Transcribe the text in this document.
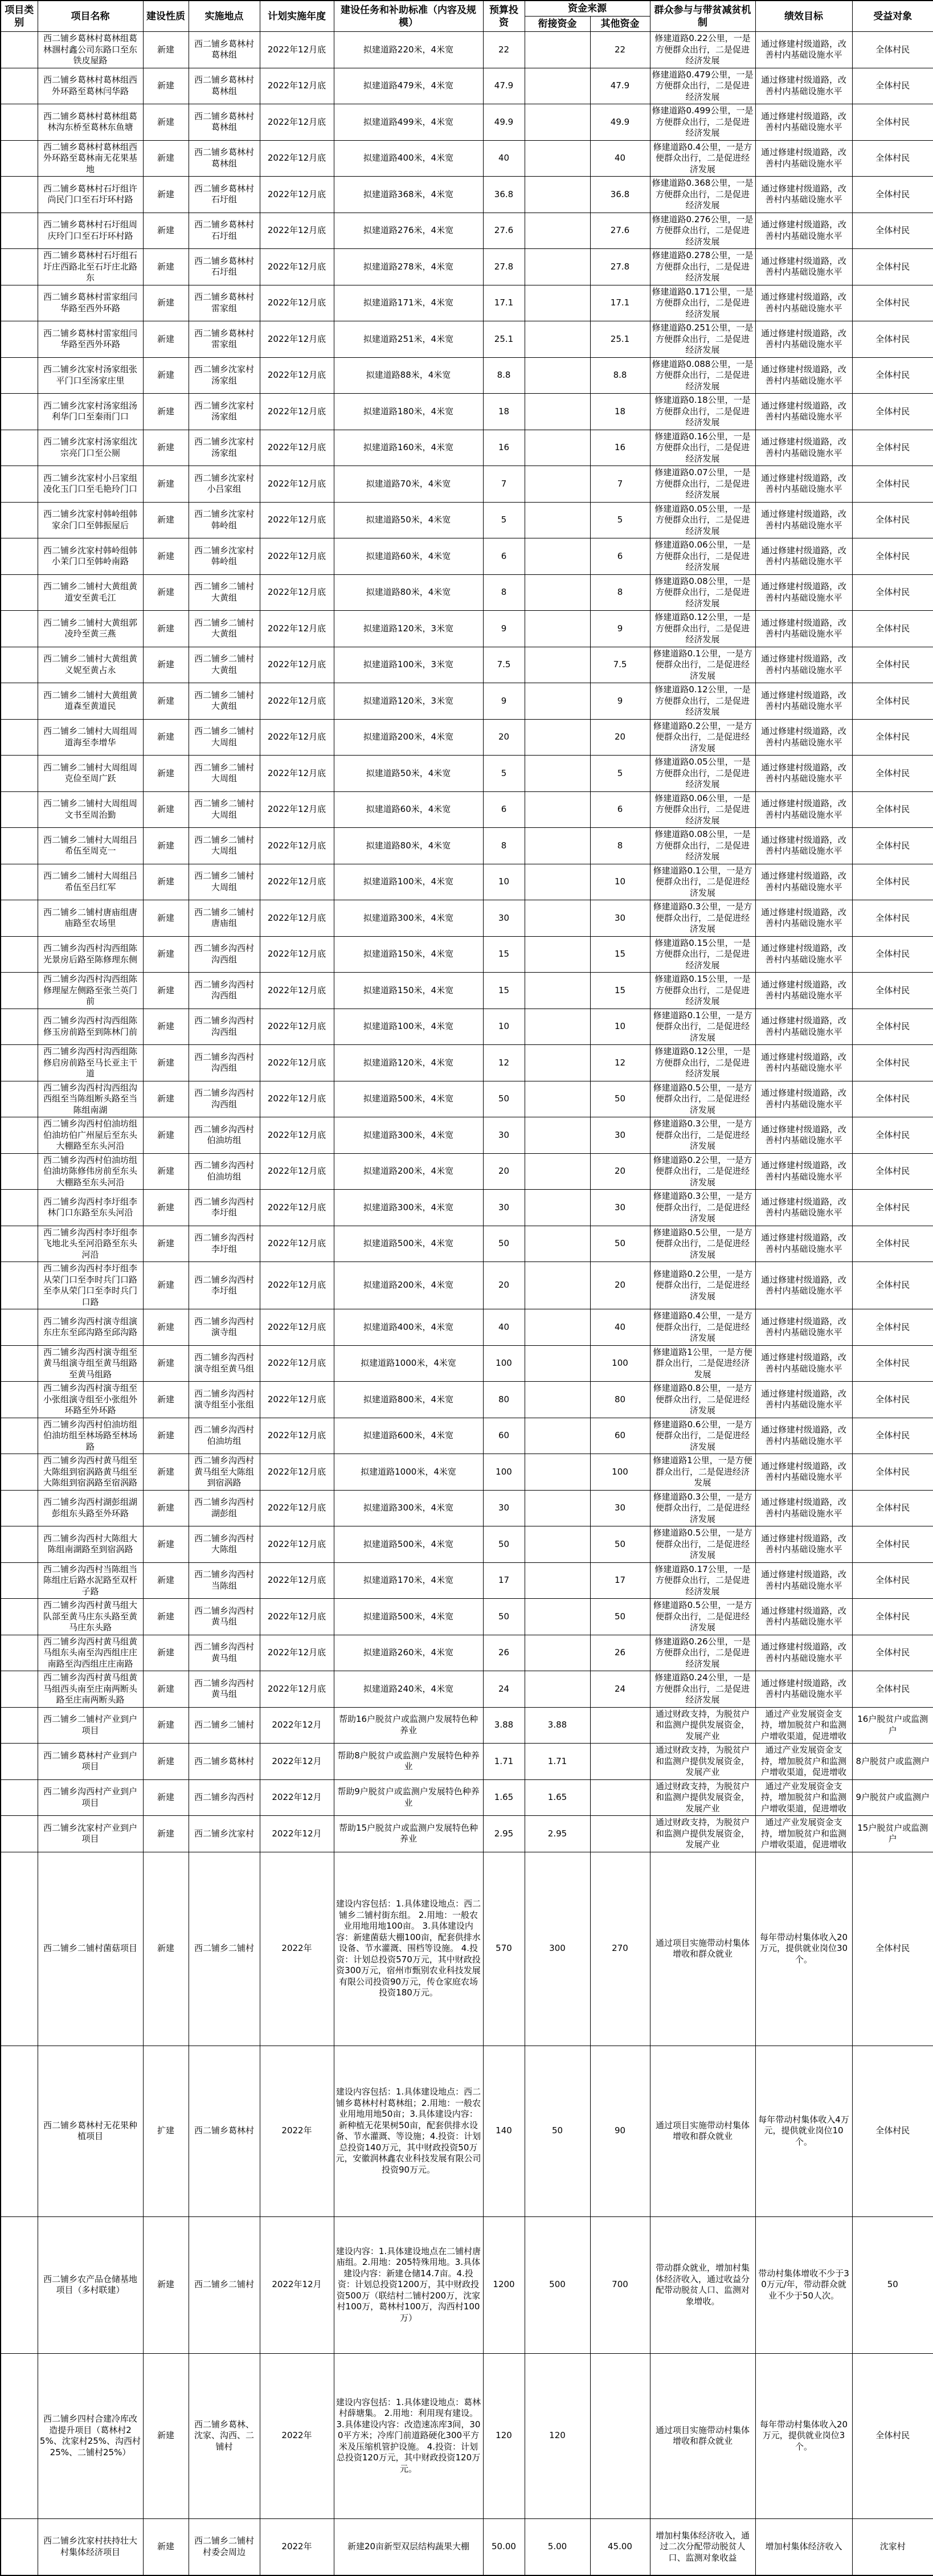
项目类别	项目名称	建设性质	实施地点	计划实施年度	建设任务和补助标准（内容及规模）	预算投资	资金来源		群众参与与带贫减贫机制	绩效目标	受益对象
							衔接资金	其他资金			
	西二铺乡葛林村葛林组葛林涠村鑫公司东路口至东铁皮屋路	新建	西二铺乡葛林村葛林组	2022年12月底	拟建道路220米，4米宽	22		22	修建道路0.22公里，一是方便群众出行，二是促进经济发展	通过修建村级道路，改善村内基础设施水平	全体村民
	西二铺乡葛林村葛林组西外环路至葛林闫华路	新建	西二铺乡葛林村葛林组	2022年12月底	拟建道路479米，4米宽	47.9		47.9	修建道路0.479公里，一是方便群众出行，二是促进经济发展	通过修建村级道路，改善村内基础设施水平	全体村民
	西二铺乡葛林村葛林组葛林沟东桥至葛林东鱼塘	新建	西二铺乡葛林村葛林组	2022年12月底	拟建道路499米，4米宽	49.9		49.9	修建道路0.499公里，一是方便群众出行，二是促进经济发展	通过修建村级道路，改善村内基础设施水平	全体村民
	西二铺乡葛林村葛林组西外环路至葛林南无花果基地	新建	西二铺乡葛林村葛林组	2022年12月底	拟建道路400米，4米宽	40		40	修建道路0.4公里，一是方便群众出行，二是促进经济发展	通过修建村级道路，改善村内基础设施水平	全体村民
	西二铺乡葛林村石圩组许尚民门口至石圩环村路	新建	西二铺乡葛林村石圩组	2022年12月底	拟建道路368米，4米宽	36.8		36.8	修建道路0.368公里，一是方便群众出行，二是促进经济发展	通过修建村级道路，改善村内基础设施水平	全体村民
	西二铺乡葛林村石圩组周庆玲门口至石圩环村路	新建	西二铺乡葛林村石圩组	2022年12月底	拟建道路276米，4米宽	27.6		27.6	修建道路0.276公里，一是方便群众出行，二是促进经济发展	通过修建村级道路，改善村内基础设施水平	全体村民
	西二铺乡葛林村石圩组石圩庄西路北至石圩庄北路东	新建	西二铺乡葛林村石圩组	2022年12月底	拟建道路278米，4米宽	27.8		27.8	修建道路0.278公里，一是方便群众出行，二是促进经济发展	通过修建村级道路，改善村内基础设施水平	全体村民
	西二铺乡葛林村雷家组闫华路至西外环路	新建	西二铺乡葛林村雷家组	2022年12月底	拟建道路171米，4米宽	17.1		17.1	修建道路0.171公里，一是方便群众出行，二是促进经济发展	通过修建村级道路，改善村内基础设施水平	全体村民
	西二铺乡葛林村雷家组闫华路至西外环路	新建	西二铺乡葛林村雷家组	2022年12月底	拟建道路251米，4米宽	25.1		25.1	修建道路0.251公里，一是方便群众出行，二是促进经济发展	通过修建村级道路，改善村内基础设施水平	全体村民
	西二铺乡沈家村汤家组张平门口至汤家庄里	新建	西二铺乡沈家村汤家组	2022年12月底	拟建道路88米，4米宽	8.8		8.8	修建道路0.088公里，一是方便群众出行，二是促进经济发展	通过修建村级道路，改善村内基础设施水平	全体村民
	西二铺乡沈家村汤家组汤利华门口至秦雨门口	新建	西二铺乡沈家村汤家组	2022年12月底	拟建道路180米，4米宽	18		18	修建道路0.18公里，一是方便群众出行，二是促进经济发展	通过修建村级道路，改善村内基础设施水平	全体村民
	西二铺乡沈家村汤家组沈宗亮门口至公厕	新建	西二铺乡沈家村汤家组	2022年12月底	拟建道路160米，4米宽	16		16	修建道路0.16公里，一是方便群众出行，二是促进经济发展	通过修建村级道路，改善村内基础设施水平	全体村民
	西二铺乡沈家村小吕家组凌化玉门口至毛艳玲门口	新建	西二铺乡沈家村小吕家组	2022年12月底	拟建道路70米，4米宽	7		7	修建道路0.07公里，一是方便群众出行，二是促进经济发展	通过修建村级道路，改善村内基础设施水平	全体村民
	西二铺乡沈家村韩岭组韩家余门口至韩振屋后	新建	西二铺乡沈家村韩岭组	2022年12月底	拟建道路50米，4米宽	5		5	修建道路0.05公里，一是方便群众出行，二是促进经济发展	通过修建村级道路，改善村内基础设施水平	全体村民
	西二铺乡沈家村韩岭组韩小茉门口至韩岭南路	新建	西二铺乡沈家村韩岭组	2022年12月底	拟建道路60米，4米宽	6		6	修建道路0.06公里，一是方便群众出行，二是促进经济发展	通过修建村级道路，改善村内基础设施水平	全体村民
	西二铺乡二铺村大黄组黄道安至黄毛江	新建	西二铺乡二铺村大黄组	2022年12月底	拟建道路80米，4米宽	8		8	修建道路0.08公里，一是方便群众出行，二是促进经济发展	通过修建村级道路，改善村内基础设施水平	全体村民
	西二铺乡二铺村大黄组郭凌玲至黄三燕	新建	西二铺乡二铺村大黄组	2022年12月底	拟建道路120米，3米宽	9		9	修建道路0.12公里，一是方便群众出行，二是促进经济发展	通过修建村级道路，改善村内基础设施水平	全体村民
	西二铺乡二铺村大黄组黄义妮至黄占永	新建	西二铺乡二铺村大黄组	2022年12月底	拟建道路100米，3米宽	7.5		7.5	修建道路0.1公里，一是方便群众出行，二是促进经济发展	通过修建村级道路，改善村内基础设施水平	全体村民
	西二铺乡二铺村大黄组黄道森至黄道民	新建	西二铺乡二铺村大黄组	2022年12月底	拟建道路120米，3米宽	9		9	修建道路0.12公里，一是方便群众出行，二是促进经济发展	通过修建村级道路，改善村内基础设施水平	全体村民
	西二铺乡二铺村大周组周道海至李增华	新建	西二铺乡二铺村大周组	2022年12月底	拟建道路200米，4米宽	20		20	修建道路0.2公里，一是方便群众出行，二是促进经济发展	通过修建村级道路，改善村内基础设施水平	全体村民
	西二铺乡二铺村大周组周克俭至周广跃	新建	西二铺乡二铺村大周组	2022年12月底	拟建道路50米，4米宽	5		5	修建道路0.05公里，一是方便群众出行，二是促进经济发展	通过修建村级道路，改善村内基础设施水平	全体村民
	西二铺乡二铺村大周组周文书至周治勤	新建	西二铺乡二铺村大周组	2022年12月底	拟建道路60米，4米宽	6		6	修建道路0.06公里，一是方便群众出行，二是促进经济发展	通过修建村级道路，改善村内基础设施水平	全体村民
	西二铺乡二铺村大周组吕希伍至周克一	新建	西二铺乡二铺村大周组	2022年12月底	拟建道路80米，4米宽	8		8	修建道路0.08公里，一是方便群众出行，二是促进经济发展	通过修建村级道路，改善村内基础设施水平	全体村民
	西二铺乡二铺村大周组吕希伍至吕红军	新建	西二铺乡二铺村大周组	2022年12月底	拟建道路100米，4米宽	10		10	修建道路0.1公里，一是方便群众出行，二是促进经济发展	通过修建村级道路，改善村内基础设施水平	全体村民
	西二铺乡二铺村唐庙组唐庙路至农场里	新建	西二铺乡二铺村唐庙组	2022年12月底	拟建道路300米，4米宽	30		30	修建道路0.3公里，一是方便群众出行，二是促进经济发展	通过修建村级道路，改善村内基础设施水平	全体村民
	西二铺乡沟西村沟西组陈光景房后路至陈修理东侧	新建	西二铺乡沟西村沟西组	2022年12月底	拟建道路150米，4米宽	15		15	修建道路0.15公里，一是方便群众出行，二是促进经济发展	通过修建村级道路，改善村内基础设施水平	全体村民
	西二铺乡沟西村沟西组陈修理屋左侧路至张兰英门前	新建	西二铺乡沟西村沟西组	2022年12月底	拟建道路150米，4米宽	15		15	修建道路0.15公里，一是方便群众出行，二是促进经济发展	通过修建村级道路，改善村内基础设施水平	全体村民
	西二铺乡沟西村沟西组陈修玉房前路至到陈林门前	新建	西二铺乡沟西村沟西组	2022年12月底	拟建道路100米，4米宽	10		10	修建道路0.1公里，一是方便群众出行，二是促进经济发展	通过修建村级道路，改善村内基础设施水平	全体村民
	西二铺乡沟西村沟西组陈修启房前路至马长亚主干道	新建	西二铺乡沟西村沟西组	2022年12月底	拟建道路120米，4米宽	12		12	修建道路0.12公里，一是方便群众出行，二是促进经济发展	通过修建村级道路，改善村内基础设施水平	全体村民
	西二铺乡沟西村沟西组沟西组至当陈组断头路至当陈组南湖	新建	西二铺乡沟西村沟西组	2022年12月底	拟建道路500米，4米宽	50		50	修建道路0.5公里，一是方便群众出行，二是促进经济发展	通过修建村级道路，改善村内基础设施水平	全体村民
	西二铺乡沟西村伯油坊组伯油坊伯广州屋后至东头大棚路至东头河沿	新建	西二铺乡沟西村伯油坊组	2022年12月底	拟建道路300米，4米宽	30		30	修建道路0.3公里，一是方便群众出行，二是促进经济发展	通过修建村级道路，改善村内基础设施水平	全体村民
	西二铺乡沟西村伯油坊组伯油坊陈修伟房前至东头大棚路至东头河沿	新建	西二铺乡沟西村伯油坊组	2022年12月底	拟建道路200米，4米宽	20		20	修建道路0.2公里，一是方便群众出行，二是促进经济发展	通过修建村级道路，改善村内基础设施水平	全体村民
	西二铺乡沟西村李圩组李林门口东路至东头河沿	新建	西二铺乡沟西村李圩组	2022年12月底	拟建道路300米，4米宽	30		30	修建道路0.3公里，一是方便群众出行，二是促进经济发展	通过修建村级道路，改善村内基础设施水平	全体村民
	西二铺乡沟西村李圩组李飞地北头至河沿路至东头河沿	新建	西二铺乡沟西村李圩组	2022年12月底	拟建道路500米，4米宽	50		50	修建道路0.5公里，一是方便群众出行，二是促进经济发展	通过修建村级道路，改善村内基础设施水平	全体村民
	西二铺乡沟西村李圩组李从荣门口至李时兵门口路至李从荣门口至李时兵门口路	新建	西二铺乡沟西村李圩组	2022年12月底	拟建道路200米，4米宽	20		20	修建道路0.2公里，一是方便群众出行，二是促进经济发展	通过修建村级道路，改善村内基础设施水平	全体村民
	西二铺乡沟西村演寺组演东庄东至邱沟路至邱沟路	新建	西二铺乡沟西村演寺组	2022年12月底	拟建道路400米，4米宽	40		40	修建道路0.4公里，一是方便群众出行，二是促进经济发展	通过修建村级道路，改善村内基础设施水平	全体村民
	西二铺乡沟西村演寺组至黄马组演寺组至黄马组路至黄马组路	新建	西二铺乡沟西村演寺组至黄马组	2022年12月底	拟建道路1000米，4米宽	100		100	修建道路1公里，一是方便群众出行，二是促进经济发展	通过修建村级道路，改善村内基础设施水平	全体村民
	西二铺乡沟西村演寺组至小张组演寺组至小张组外环路至外环路	新建	西二铺乡沟西村演寺组至小张组	2022年12月底	拟建道路800米，4米宽	80		80	修建道路0.8公里，一是方便群众出行，二是促进经济发展	通过修建村级道路，改善村内基础设施水平	全体村民
	西二铺乡沟西村伯油坊组伯油坊组至林场路至林场路	新建	西二铺乡沟西村伯油坊组	2022年12月底	拟建道路600米，4米宽	60		60	修建道路0.6公里，一是方便群众出行，二是促进经济发展	通过修建村级道路，改善村内基础设施水平	全体村民
	西二铺乡沟西村黄马组至大陈组到宿涡路黄马组至大陈组到宿涡路至宿涡路	新建	西二铺乡沟西村黄马组至大陈组到宿涡路	2022年12月底	拟建道路1000米，4米宽	100		100	修建道路1公里，一是方便群众出行，二是促进经济发展	通过修建村级道路，改善村内基础设施水平	全体村民
	西二铺乡沟西村湖彭组湖彭组东头路至外环路	新建	西二铺乡沟西村湖彭组	2022年12月底	拟建道路300米，4米宽	30		30	修建道路0.3公里，一是方便群众出行，二是促进经济发展	通过修建村级道路，改善村内基础设施水平	全体村民
	西二铺乡沟西村大陈组大陈组南湖路至到宿涡路	新建	西二铺乡沟西村大陈组	2022年12月底	拟建道路500米，4米宽	50		50	修建道路0.5公里，一是方便群众出行，二是促进经济发展	通过修建村级道路，改善村内基础设施水平	全体村民
	西二铺乡沟西村当陈组当陈组庄后路水泥路至双杆子路	新建	西二铺乡沟西村当陈组	2022年12月底	拟建道路170米，4米宽	17		17	修建道路0.17公里，一是方便群众出行，二是促进经济发展	通过修建村级道路，改善村内基础设施水平	全体村民
	西二铺乡沟西村黄马组大队部至黄马庄东头路至黄马庄东头路	新建	西二铺乡沟西村黄马组	2022年12月底	拟建道路500米，4米宽	50		50	修建道路0.5公里，一是方便群众出行，二是促进经济发展	通过修建村级道路，改善村内基础设施水平	全体村民
	西二铺乡沟西村黄马组黄马组东头南至沟西组庄庄南路至沟西组庄庄南路	新建	西二铺乡沟西村黄马组	2022年12月底	拟建道路260米，4米宽	26		26	修建道路0.26公里，一是方便群众出行，二是促进经济发展	通过修建村级道路，改善村内基础设施水平	全体村民
	西二铺乡沟西村黄马组黄马组西头南至庄南两断头路至庄南两断头路	新建	西二铺乡沟西村黄马组	2022年12月底	拟建道路240米，4米宽	24		24	修建道路0.24公里，一是方便群众出行，二是促进经济发展	通过修建村级道路，改善村内基础设施水平	全体村民
	西二铺乡二铺村产业到户项目	新建	西二铺乡二铺村	2022年12月	帮助16户脱贫户或监测户发展特色种养业	3.88	3.88		通过财政支持，为脱贫户和监测户提供发展资金，发展产业	通过产业发展资金支持，增加脱贫户和监测户增收渠道，促进增收	16户脱贫户或监测户
	西二铺乡葛林村产业到户项目	新建	西二铺乡葛林村	2022年12月	帮助8户脱贫户或监测户发展特色种养业	1.71	1.71		通过财政支持，为脱贫户和监测户提供发展资金，发展产业	通过产业发展资金支持，增加脱贫户和监测户增收渠道，促进增收	8户脱贫户或监测户
	西二铺乡沟西村产业到户项目	新建	西二铺乡沟西村	2022年12月	帮助9户脱贫户或监测户发展特色种养业	1.65	1.65		通过财政支持，为脱贫户和监测户提供发展资金，发展产业	通过产业发展资金支持，增加脱贫户和监测户增收渠道，促进增收	9户脱贫户或监测户
	西二铺乡沈家村产业到户项目	新建	西二铺乡沈家村	2022年12月	帮助15户脱贫户或监测户发展特色种养业	2.95	2.95		通过财政支持，为脱贫户和监测户提供发展资金，发展产业	通过产业发展资金支持，增加脱贫户和监测户增收渠道，促进增收	15户脱贫户或监测户
	西二铺乡二铺村菌菇项目	新建	西二铺乡二铺村	2022年	建设内容包括：1.具体建设地点：西二铺乡二铺村街东组。 2.用地：一般农业用地用地100亩。 3.具体建设内容：新建菌菇大棚100亩，配套供排水设备、节水灌溉、围档等设施。 4.投资：计划总投资570万元，其中财政投资300万元，宿州市甄别农业科技发展有限公司投资90万元，传仓家庭农场投资180万元。	570	300	270	通过项目实施带动村集体增收和群众就业	每年带动村集体收入20万元，提供就业岗位30个。	全体村民
	西二铺乡葛林村无花果种植项目	扩建	西二铺乡葛林村	2022年	建设内容包括：1.具体建设地点：西二铺乡葛林村村葛林组；2.用地：一般农业用地用地50亩；3.具体建设内容：新种植无花果树50亩，配套供排水设备、节水灌溉、等设施；4.投资：计划总投资140万元，其中财政投资50万元，安徽润林鑫农业科技发展有限公司投资90万元。	140	50	90	通过项目实施带动村集体增收和群众就业	每年带动村集体收入4万元，提供就业岗位10个。	全体村民
	西二铺乡农产品仓储基地项目（多村联建）	新建	西二铺乡二铺村	2022年12月	建设内容：1.具体建设地点在二铺村唐庙组。2.用地：205特殊用地。3.具体建设内容：新建仓储14.7亩。4.投资：计划总投资1200万，其中财政投资500万（联结村二铺村200万，沈家村100万，葛林村100万，沟西村100万）	1200	500	700	带动群众就业，增加村集体经济收入，通过收益分配带动脱贫人口、监测对象增收。	带动村集体增收不少于30万元/年，带动群众就业不少于50人次。	50
	西二铺乡四村合建冷库改造提升项目（葛林村25%、沈家村25%、沟西村25%、二铺村25%）	新建	西二铺乡葛林、沈家、沟西、二铺村	2022年	建设内容包括：1.具体建设地点：葛林村薛塘集。 2.用地：利用现有建设。 3.具体建设内容：改造速冻库3间，300平方米；冷库门前道路硬化300平方米及压缩机管护设施。 4.投资：计划总投资120万元，其中财政投资120万元。	120	120		通过项目实施带动村集体增收和群众就业	每年带动村集体收入20万元，提供就业岗位3个。	全体村民
	西二铺乡沈家村扶持壮大村集体经济项目	新建	西二铺乡二铺村村委会周边	2022年	新建20亩新型双层结构蔬果大棚	50.00	5.00	45.00	增加村集体经济收入，通过二次分配带动脱贫人口、监测对象收益	增加村集体经济收入	沈家村
